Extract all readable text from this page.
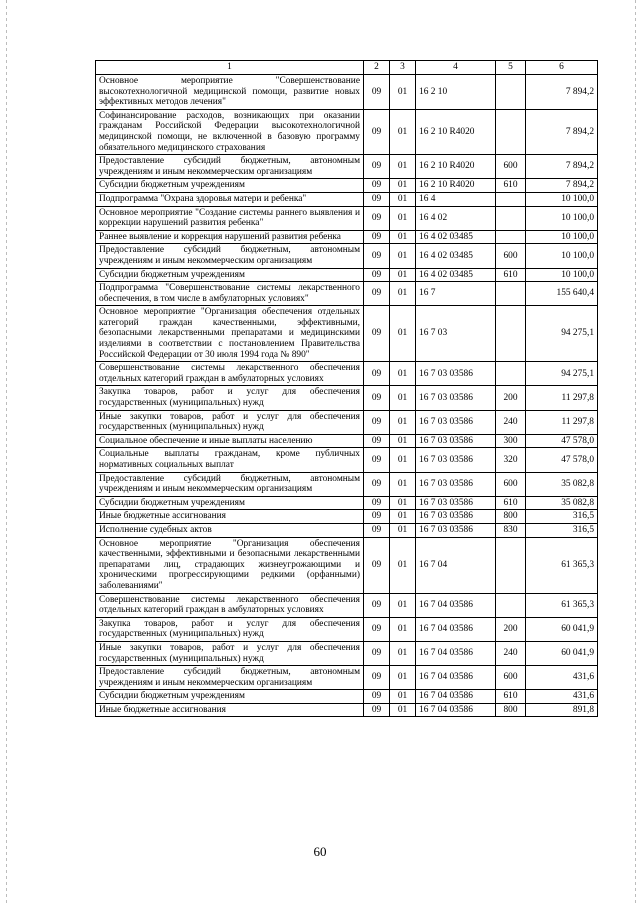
1	2	3	4	5	6
Основное мероприятие "Совершенствование высокотехнологичной медицинской помощи, развитие новых эффективных методов лечения"	09	01	16 2 10		7 894,2
Софинансирование расходов, возникающих при оказании гражданам Российской Федерации высокотехнологичной медицинской помощи, не включенной в базовую программу обязательного медицинского страхования	09	01	16 2 10 R4020		7 894,2
Предоставление субсидий бюджетным, автономным учреждениям и иным некоммерческим организациям	09	01	16 2 10 R4020	600	7 894,2
Субсидии бюджетным учреждениям	09	01	16 2 10 R4020	610	7 894,2
Подпрограмма "Охрана здоровья матери и ребенка"	09	01	16 4		10 100,0
Основное мероприятие "Создание системы раннего выявления и коррекции нарушений развития ребенка"	09	01	16 4 02		10 100,0
Раннее выявление и коррекция нарушений развития ребенка	09	01	16 4 02 03485		10 100,0
Предоставление субсидий бюджетным, автономным учреждениям и иным некоммерческим организациям	09	01	16 4 02 03485	600	10 100,0
Субсидии бюджетным учреждениям	09	01	16 4 02 03485	610	10 100,0
Подпрограмма "Совершенствование системы лекарственного обеспечения, в том числе в амбулаторных условиях"	09	01	16 7		155 640,4
Основное мероприятие "Организация обеспечения отдельных категорий граждан качественными, эффективными, безопасными лекарственными препаратами и медицинскими изделиями в соответствии с постановлением Правительства Российской Федерации от 30 июля 1994 года № 890"	09	01	16 7 03		94 275,1
Совершенствование системы лекарственного обеспечения отдельных категорий граждан в амбулаторных условиях	09	01	16 7 03 03586		94 275,1
Закупка товаров, работ и услуг для обеспечения государственных (муниципальных) нужд	09	01	16 7 03 03586	200	11 297,8
Иные закупки товаров, работ и услуг для обеспечения государственных (муниципальных) нужд	09	01	16 7 03 03586	240	11 297,8
Социальное обеспечение и иные выплаты населению	09	01	16 7 03 03586	300	47 578,0
Социальные выплаты гражданам, кроме публичных нормативных социальных выплат	09	01	16 7 03 03586	320	47 578,0
Предоставление субсидий бюджетным, автономным учреждениям и иным некоммерческим организациям	09	01	16 7 03 03586	600	35 082,8
Субсидии бюджетным учреждениям	09	01	16 7 03 03586	610	35 082,8
Иные бюджетные ассигнования	09	01	16 7 03 03586	800	316,5
Исполнение судебных актов	09	01	16 7 03 03586	830	316,5
Основное мероприятие "Организация обеспечения качественными, эффективными и безопасными лекарственными препаратами лиц, страдающих жизнеугрожающими и хроническими прогрессирующими редкими (орфанными) заболеваниями"	09	01	16 7 04		61 365,3
Совершенствование системы лекарственного обеспечения отдельных категорий граждан в амбулаторных условиях	09	01	16 7 04 03586		61 365,3
Закупка товаров, работ и услуг для обеспечения государственных (муниципальных) нужд	09	01	16 7 04 03586	200	60 041,9
Иные закупки товаров, работ и услуг для обеспечения государственных (муниципальных) нужд	09	01	16 7 04 03586	240	60 041,9
Предоставление субсидий бюджетным, автономным учреждениям и иным некоммерческим организациям	09	01	16 7 04 03586	600	431,6
Субсидии бюджетным учреждениям	09	01	16 7 04 03586	610	431,6
Иные бюджетные ассигнования	09	01	16 7 04 03586	800	891,8
60
